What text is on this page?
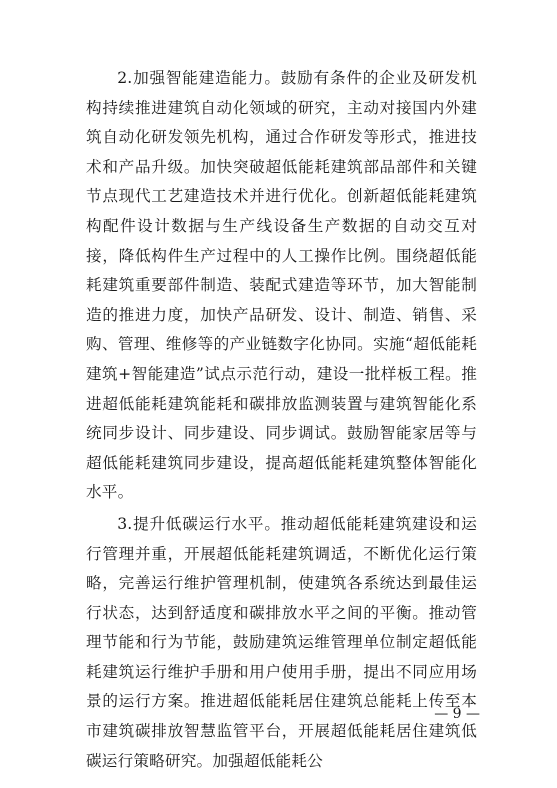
2.加强智能建造能力。鼓励有条件的企业及研发机构持续推进建筑自动化领域的研究，主动对接国内外建筑自动化研发领先机构，通过合作研发等形式，推进技术和产品升级。加快突破超低能耗建筑部品部件和关键节点现代工艺建造技术并进行优化。创新超低能耗建筑构配件设计数据与生产线设备生产数据的自动交互对接，降低构件生产过程中的人工操作比例。围绕超低能耗建筑重要部件制造、装配式建造等环节，加大智能制造的推进力度，加快产品研发、设计、制造、销售、采购、管理、维修等的产业链数字化协同。实施“超低能耗建筑+智能建造”试点示范行动，建设一批样板工程。推进超低能耗建筑能耗和碳排放监测装置与建筑智能化系统同步设计、同步建设、同步调试。鼓励智能家居等与超低能耗建筑同步建设，提高超低能耗建筑整体智能化水平。

3.提升低碳运行水平。推动超低能耗建筑建设和运行管理并重，开展超低能耗建筑调适，不断优化运行策略，完善运行维护管理机制，使建筑各系统达到最佳运行状态，达到舒适度和碳排放水平之间的平衡。推动管理节能和行为节能，鼓励建筑运维管理单位制定超低能耗建筑运行维护手册和用户使用手册，提出不同应用场景的运行方案。推进超低能耗居住建筑总能耗上传至本市建筑碳排放智慧监管平台，开展超低能耗居住建筑低碳运行策略研究。加强超低能耗公

— 9 —
